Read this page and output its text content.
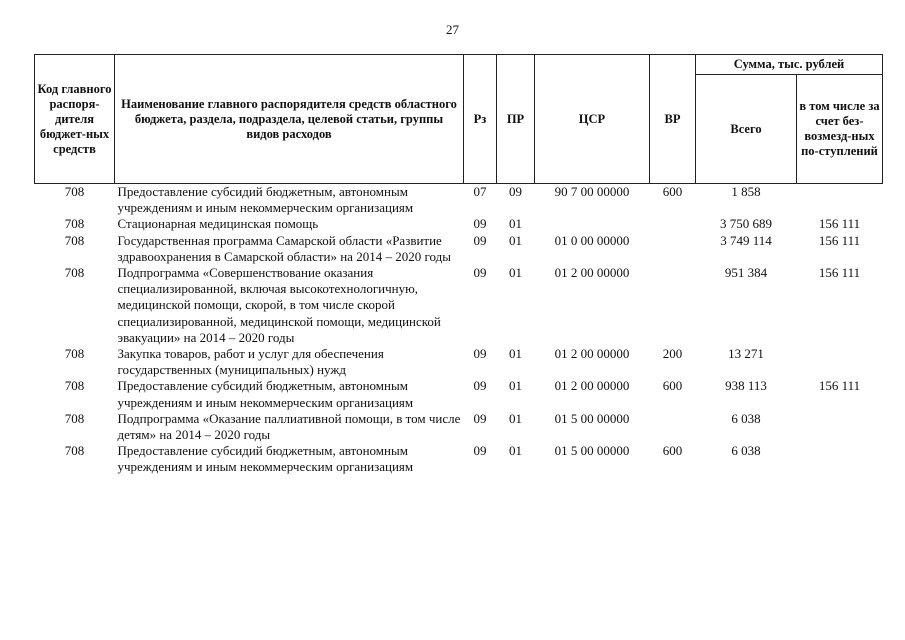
27
Код главного распоря-дителя бюджет-ных средств	Наименование главного распорядителя средств областного бюджета, раздела, подраздела, целевой статьи, группы видов расходов	Рз	ПР	ЦСР	ВР	Сумма, тыс. рублей	
						Всего	в том числе за счет без-возмезд-ных по-ступлений
708	Предоставление субсидий бюджетным, автономным учреждениям и иным некоммерческим организациям	07	09	90 7 00 00000	600	1 858	
708	Стационарная медицинская помощь	09	01			3 750 689	156 111
708	Государственная программа Самарской области «Развитие здравоохранения в Самарской области» на 2014 – 2020 годы	09	01	01 0 00 00000		3 749 114	156 111
708	Подпрограмма «Совершенствование оказания специализированной, включая высокотехнологичную, медицинской помощи, скорой, в том числе скорой специализированной, медицинской помощи, медицинской эвакуации» на 2014 – 2020 годы	09	01	01 2 00 00000		951 384	156 111
708	Закупка товаров, работ и услуг для обеспечения государственных (муниципальных) нужд	09	01	01 2 00 00000	200	13 271	
708	Предоставление субсидий бюджетным, автономным учреждениям и иным некоммерческим организациям	09	01	01 2 00 00000	600	938 113	156 111
708	Подпрограмма «Оказание паллиативной помощи, в том числе детям» на 2014 – 2020 годы	09	01	01 5 00 00000		6 038	
708	Предоставление субсидий бюджетным, автономным учреждениям и иным некоммерческим организациям	09	01	01 5 00 00000	600	6 038	
